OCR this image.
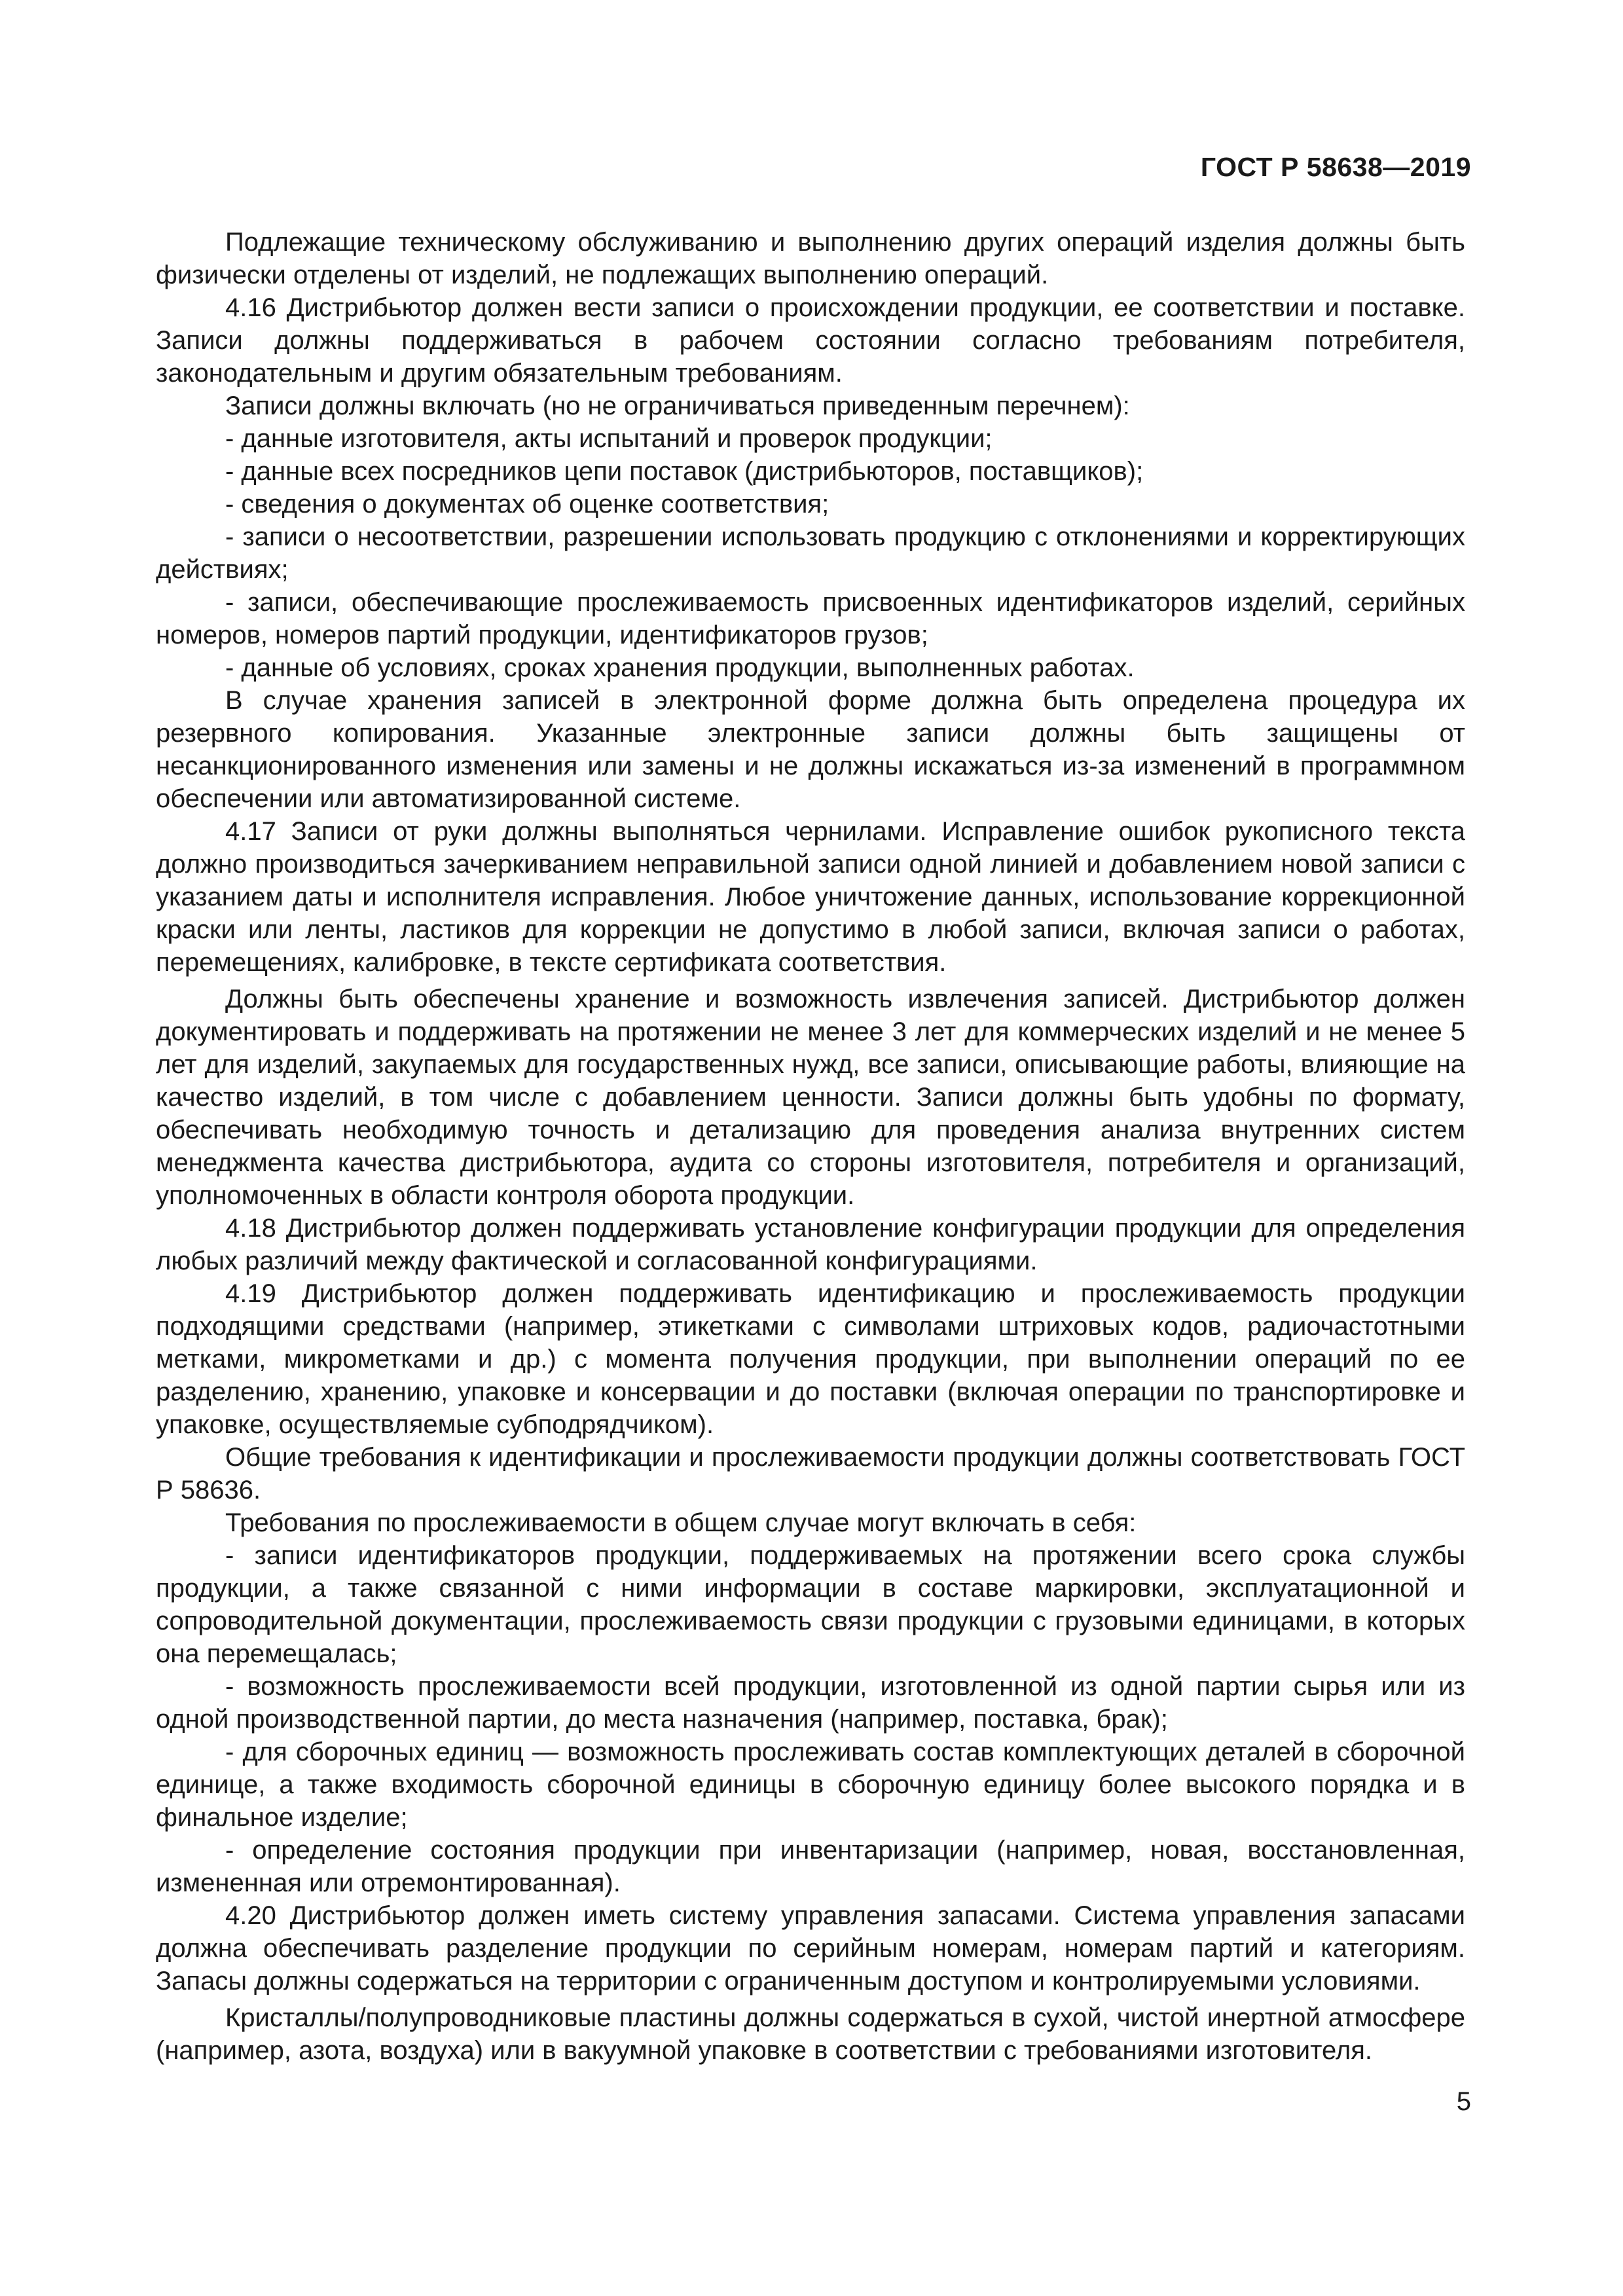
ГОСТ Р 58638—2019

Подлежащие техническому обслуживанию и выполнению других операций изделия должны быть физически отделены от изделий, не подлежащих выполнению операций.

4.16 Дистрибьютор должен вести записи о происхождении продукции, ее соответствии и поставке. Записи должны поддерживаться в рабочем состоянии согласно требованиям потребителя, законодательным и другим обязательным требованиям.

Записи должны включать (но не ограничиваться приведенным перечнем):

- данные изготовителя, акты испытаний и проверок продукции;

- данные всех посредников цепи поставок (дистрибьюторов, поставщиков);

- сведения о документах об оценке соответствия;

- записи о несоответствии, разрешении использовать продукцию с отклонениями и корректирующих действиях;

- записи, обеспечивающие прослеживаемость присвоенных идентификаторов изделий, серийных номеров, номеров партий продукции, идентификаторов грузов;

- данные об условиях, сроках хранения продукции, выполненных работах.

В случае хранения записей в электронной форме должна быть определена процедура их резервного копирования. Указанные электронные записи должны быть защищены от несанкционированного изменения или замены и не должны искажаться из-за изменений в программном обеспечении или автоматизированной системе.

4.17 Записи от руки должны выполняться чернилами. Исправление ошибок рукописного текста должно производиться зачеркиванием неправильной записи одной линией и добавлением новой записи с указанием даты и исполнителя исправления. Любое уничтожение данных, использование коррекционной краски или ленты, ластиков для коррекции не допустимо в любой записи, включая записи о работах, перемещениях, калибровке, в тексте сертификата соответствия.

Должны быть обеспечены хранение и возможность извлечения записей. Дистрибьютор должен документировать и поддерживать на протяжении не менее 3 лет для коммерческих изделий и не менее 5 лет для изделий, закупаемых для государственных нужд, все записи, описывающие работы, влияющие на качество изделий, в том числе с добавлением ценности. Записи должны быть удобны по формату, обеспечивать необходимую точность и детализацию для проведения анализа внутренних систем менеджмента качества дистрибьютора, аудита со стороны изготовителя, потребителя и организаций, уполномоченных в области контроля оборота продукции.

4.18 Дистрибьютор должен поддерживать установление конфигурации продукции для определения любых различий между фактической и согласованной конфигурациями.

4.19 Дистрибьютор должен поддерживать идентификацию и прослеживаемость продукции подходящими средствами (например, этикетками с символами штриховых кодов, радиочастотными метками, микрометками и др.) с момента получения продукции, при выполнении операций по ее разделению, хранению, упаковке и консервации и до поставки (включая операции по транспортировке и упаковке, осуществляемые субподрядчиком).

Общие требования к идентификации и прослеживаемости продукции должны соответствовать ГОСТ Р 58636.

Требования по прослеживаемости в общем случае могут включать в себя:

- записи идентификаторов продукции, поддерживаемых на протяжении всего срока службы продукции, а также связанной с ними информации в составе маркировки, эксплуатационной и сопроводительной документации, прослеживаемость связи продукции с грузовыми единицами, в которых она перемещалась;

- возможность прослеживаемости всей продукции, изготовленной из одной партии сырья или из одной производственной партии, до места назначения (например, поставка, брак);

- для сборочных единиц — возможность прослеживать состав комплектующих деталей в сборочной единице, а также входимость сборочной единицы в сборочную единицу более высокого порядка и в финальное изделие;

- определение состояния продукции при инвентаризации (например, новая, восстановленная, измененная или отремонтированная).

4.20 Дистрибьютор должен иметь систему управления запасами. Система управления запасами должна обеспечивать разделение продукции по серийным номерам, номерам партий и категориям. Запасы должны содержаться на территории с ограниченным доступом и контролируемыми условиями.

Кристаллы/полупроводниковые пластины должны содержаться в сухой, чистой инертной атмосфере (например, азота, воздуха) или в вакуумной упаковке в соответствии с требованиями изготовителя.

5
